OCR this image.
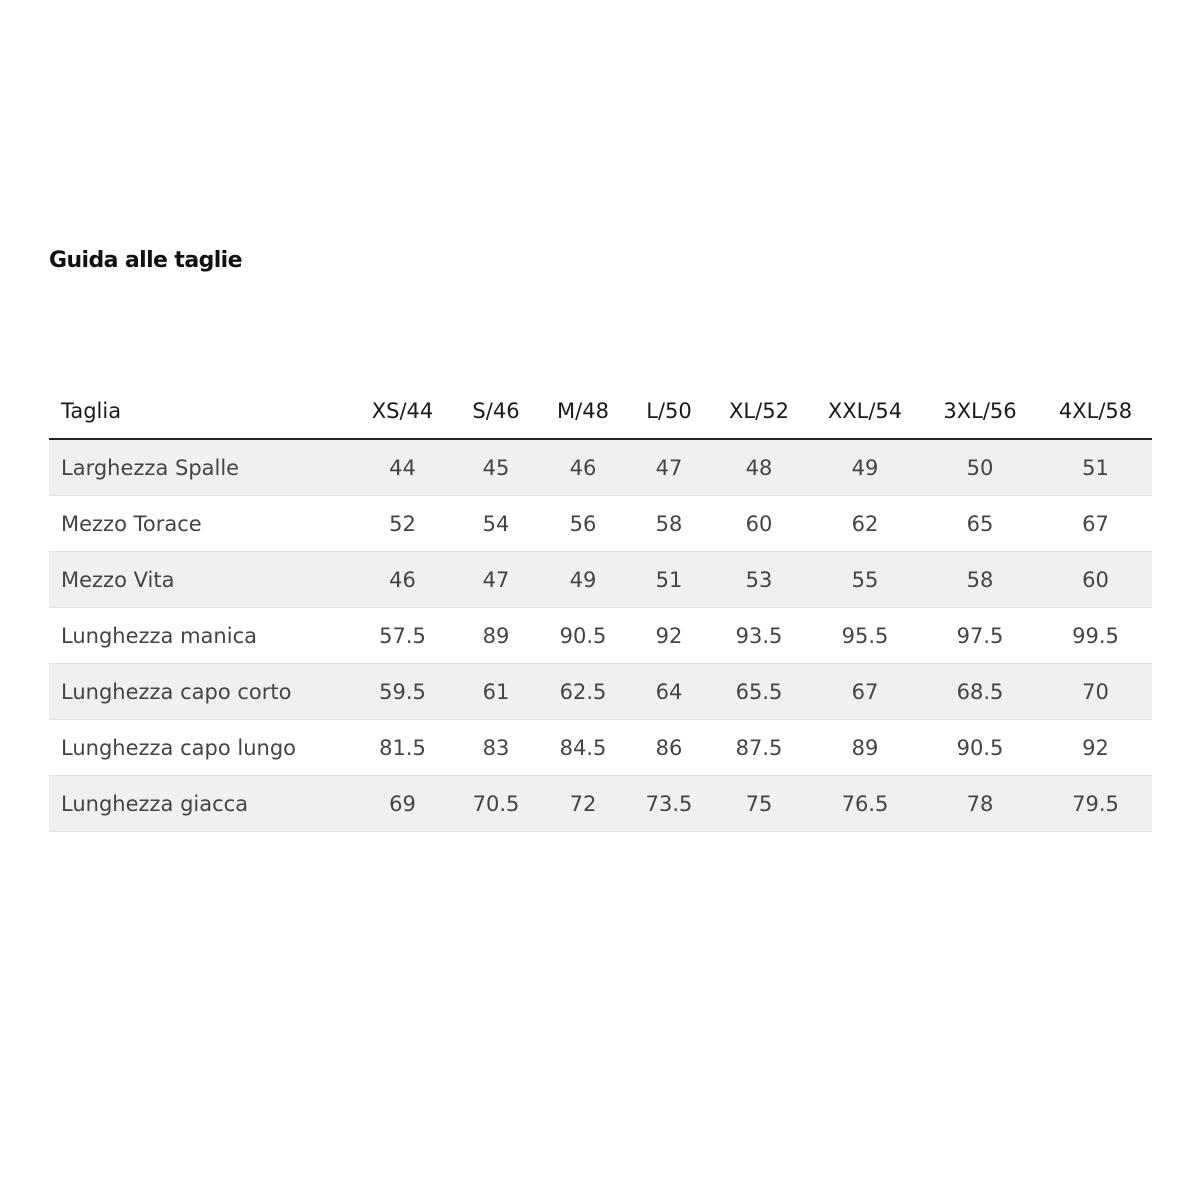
Guida alle taglie
Taglia	XS/44	S/46	M/48	L/50	XL/52	XXL/54	3XL/56	4XL/58
Larghezza Spalle	44	45	46	47	48	49	50	51
Mezzo Torace	52	54	56	58	60	62	65	67
Mezzo Vita	46	47	49	51	53	55	58	60
Lunghezza manica	57.5	89	90.5	92	93.5	95.5	97.5	99.5
Lunghezza capo corto	59.5	61	62.5	64	65.5	67	68.5	70
Lunghezza capo lungo	81.5	83	84.5	86	87.5	89	90.5	92
Lunghezza giacca	69	70.5	72	73.5	75	76.5	78	79.5
